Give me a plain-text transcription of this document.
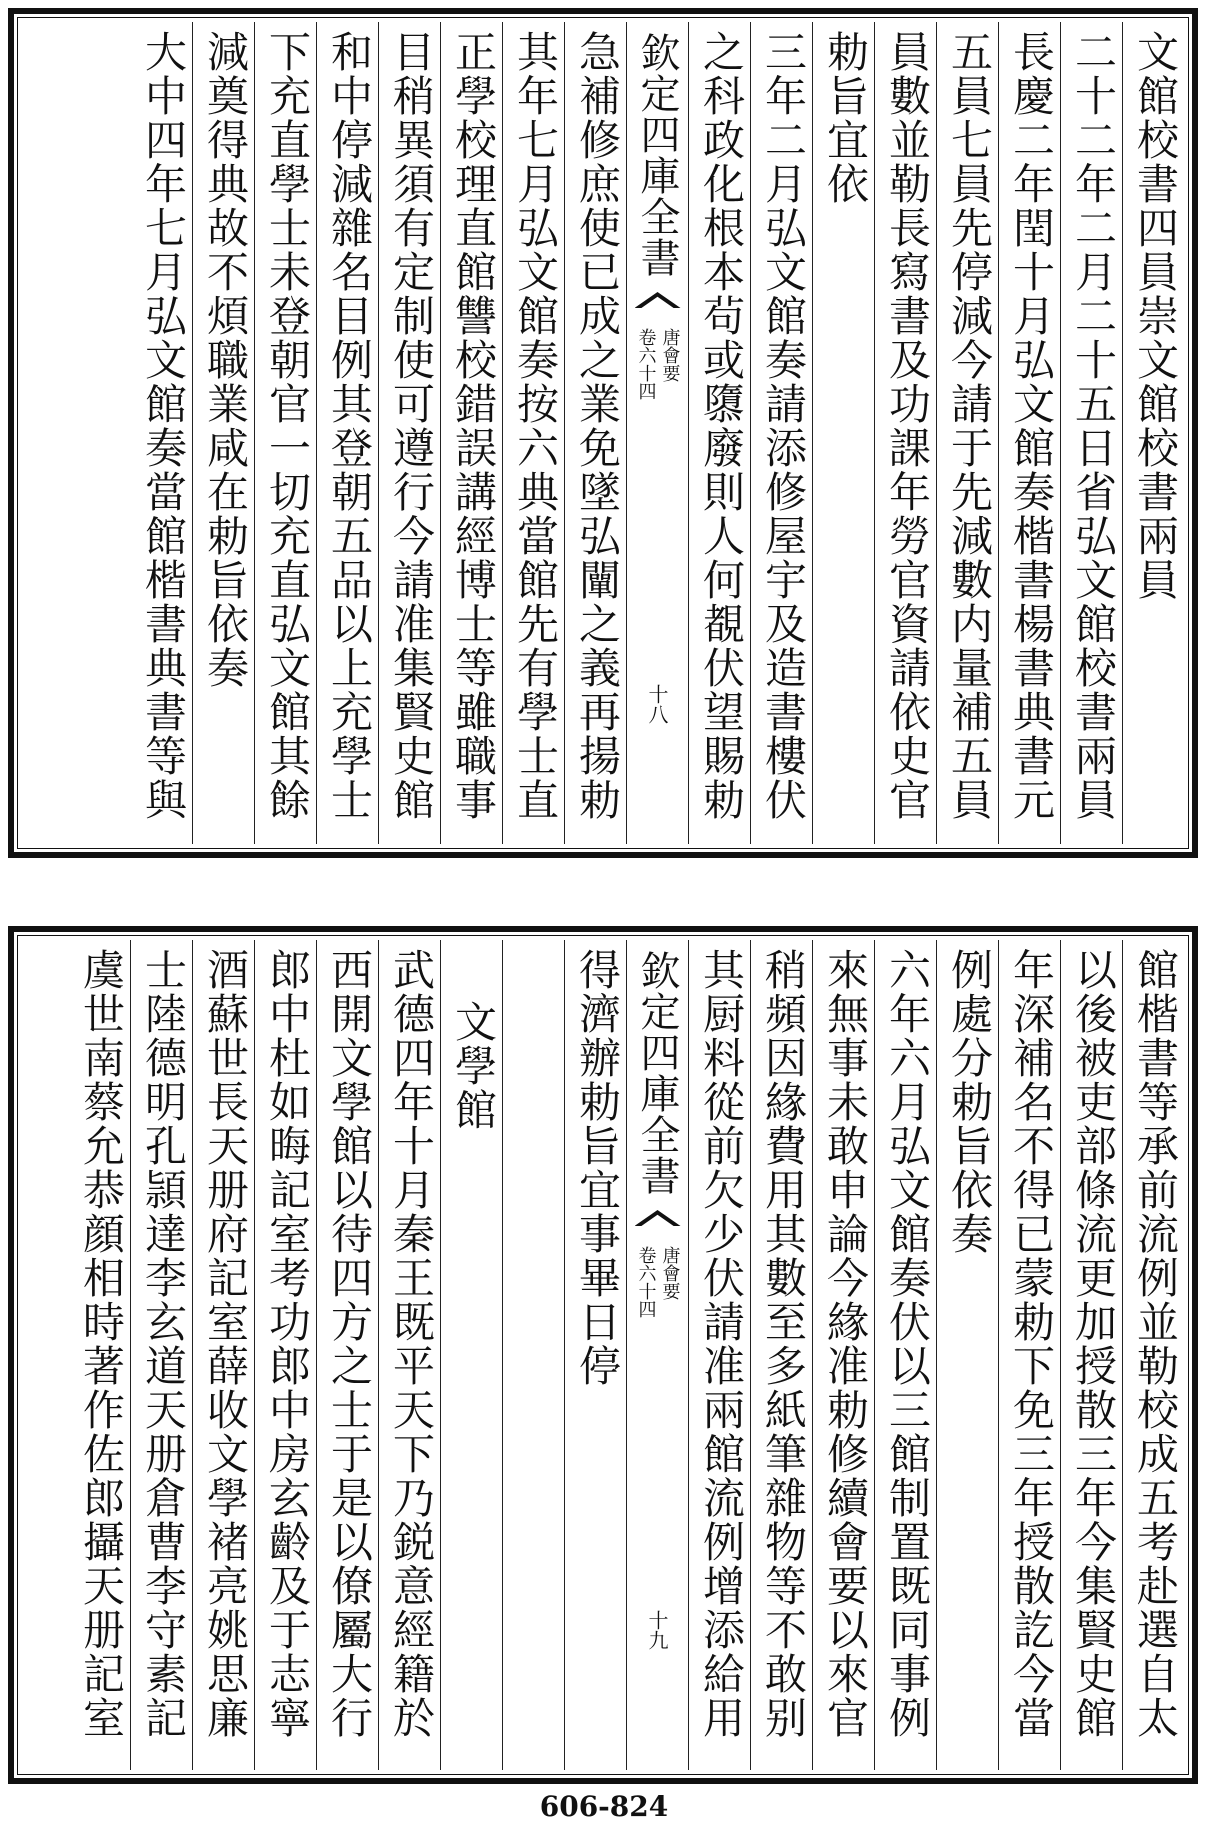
文館校書四員崇文館校書兩員
二十二年二月二十五日省弘文館校書兩員
長慶二年閏十月弘文館奏楷書楊書典書元
五員七員先停減今請于先減數内量補五員
員數並勒長寫書及功課年勞官資請依史官
勅旨宜依
三年二月弘文館奏請添修屋宇及造書樓伏
之科政化根本茍或隳廢則人何覩伏望賜勅
欽定四庫全書
唐會要
卷六十四
十八
急補修庶使已成之業免墜弘闡之義再揚勅
其年七月弘文館奏按六典當館先有學士直
正學校理直館讐校錯誤講經博士等雖職事
目稍異須有定制使可遵行今請准集賢史館
和中停減雜名目例其登朝五品以上充學士
下充直學士未登朝官一切充直弘文館其餘
減奠得典故不煩職業咸在勅旨依奏
大中四年七月弘文館奏當館楷書典書等與
館楷書等承前流例並勒校成五考赴選自太
以後被吏部條流更加授散三年今集賢史館
年深補名不得已蒙勅下免三年授散訖今當
例處分勅旨依奏
六年六月弘文館奏伏以三館制置既同事例
來無事未敢申論今緣准勅修續會要以來官
稍頻因緣費用其數至多紙筆雜物等不敢别
其厨料從前欠少伏請准兩館流例增添給用
欽定四庫全書
唐會要
卷六十四
十九
得濟辦勅旨宜事畢日停
文學館
武德四年十月秦王既平天下乃鋭意經籍於
西開文學館以待四方之士于是以僚屬大行
郎中杜如晦記室考功郎中房玄齡及于志寧
酒蘇世長天册府記室薛收文學褚亮姚思廉
士陸德明孔頴達李玄道天册倉曹李守素記
虞世南蔡允恭顔相時著作佐郎攝天册記室
606-824
